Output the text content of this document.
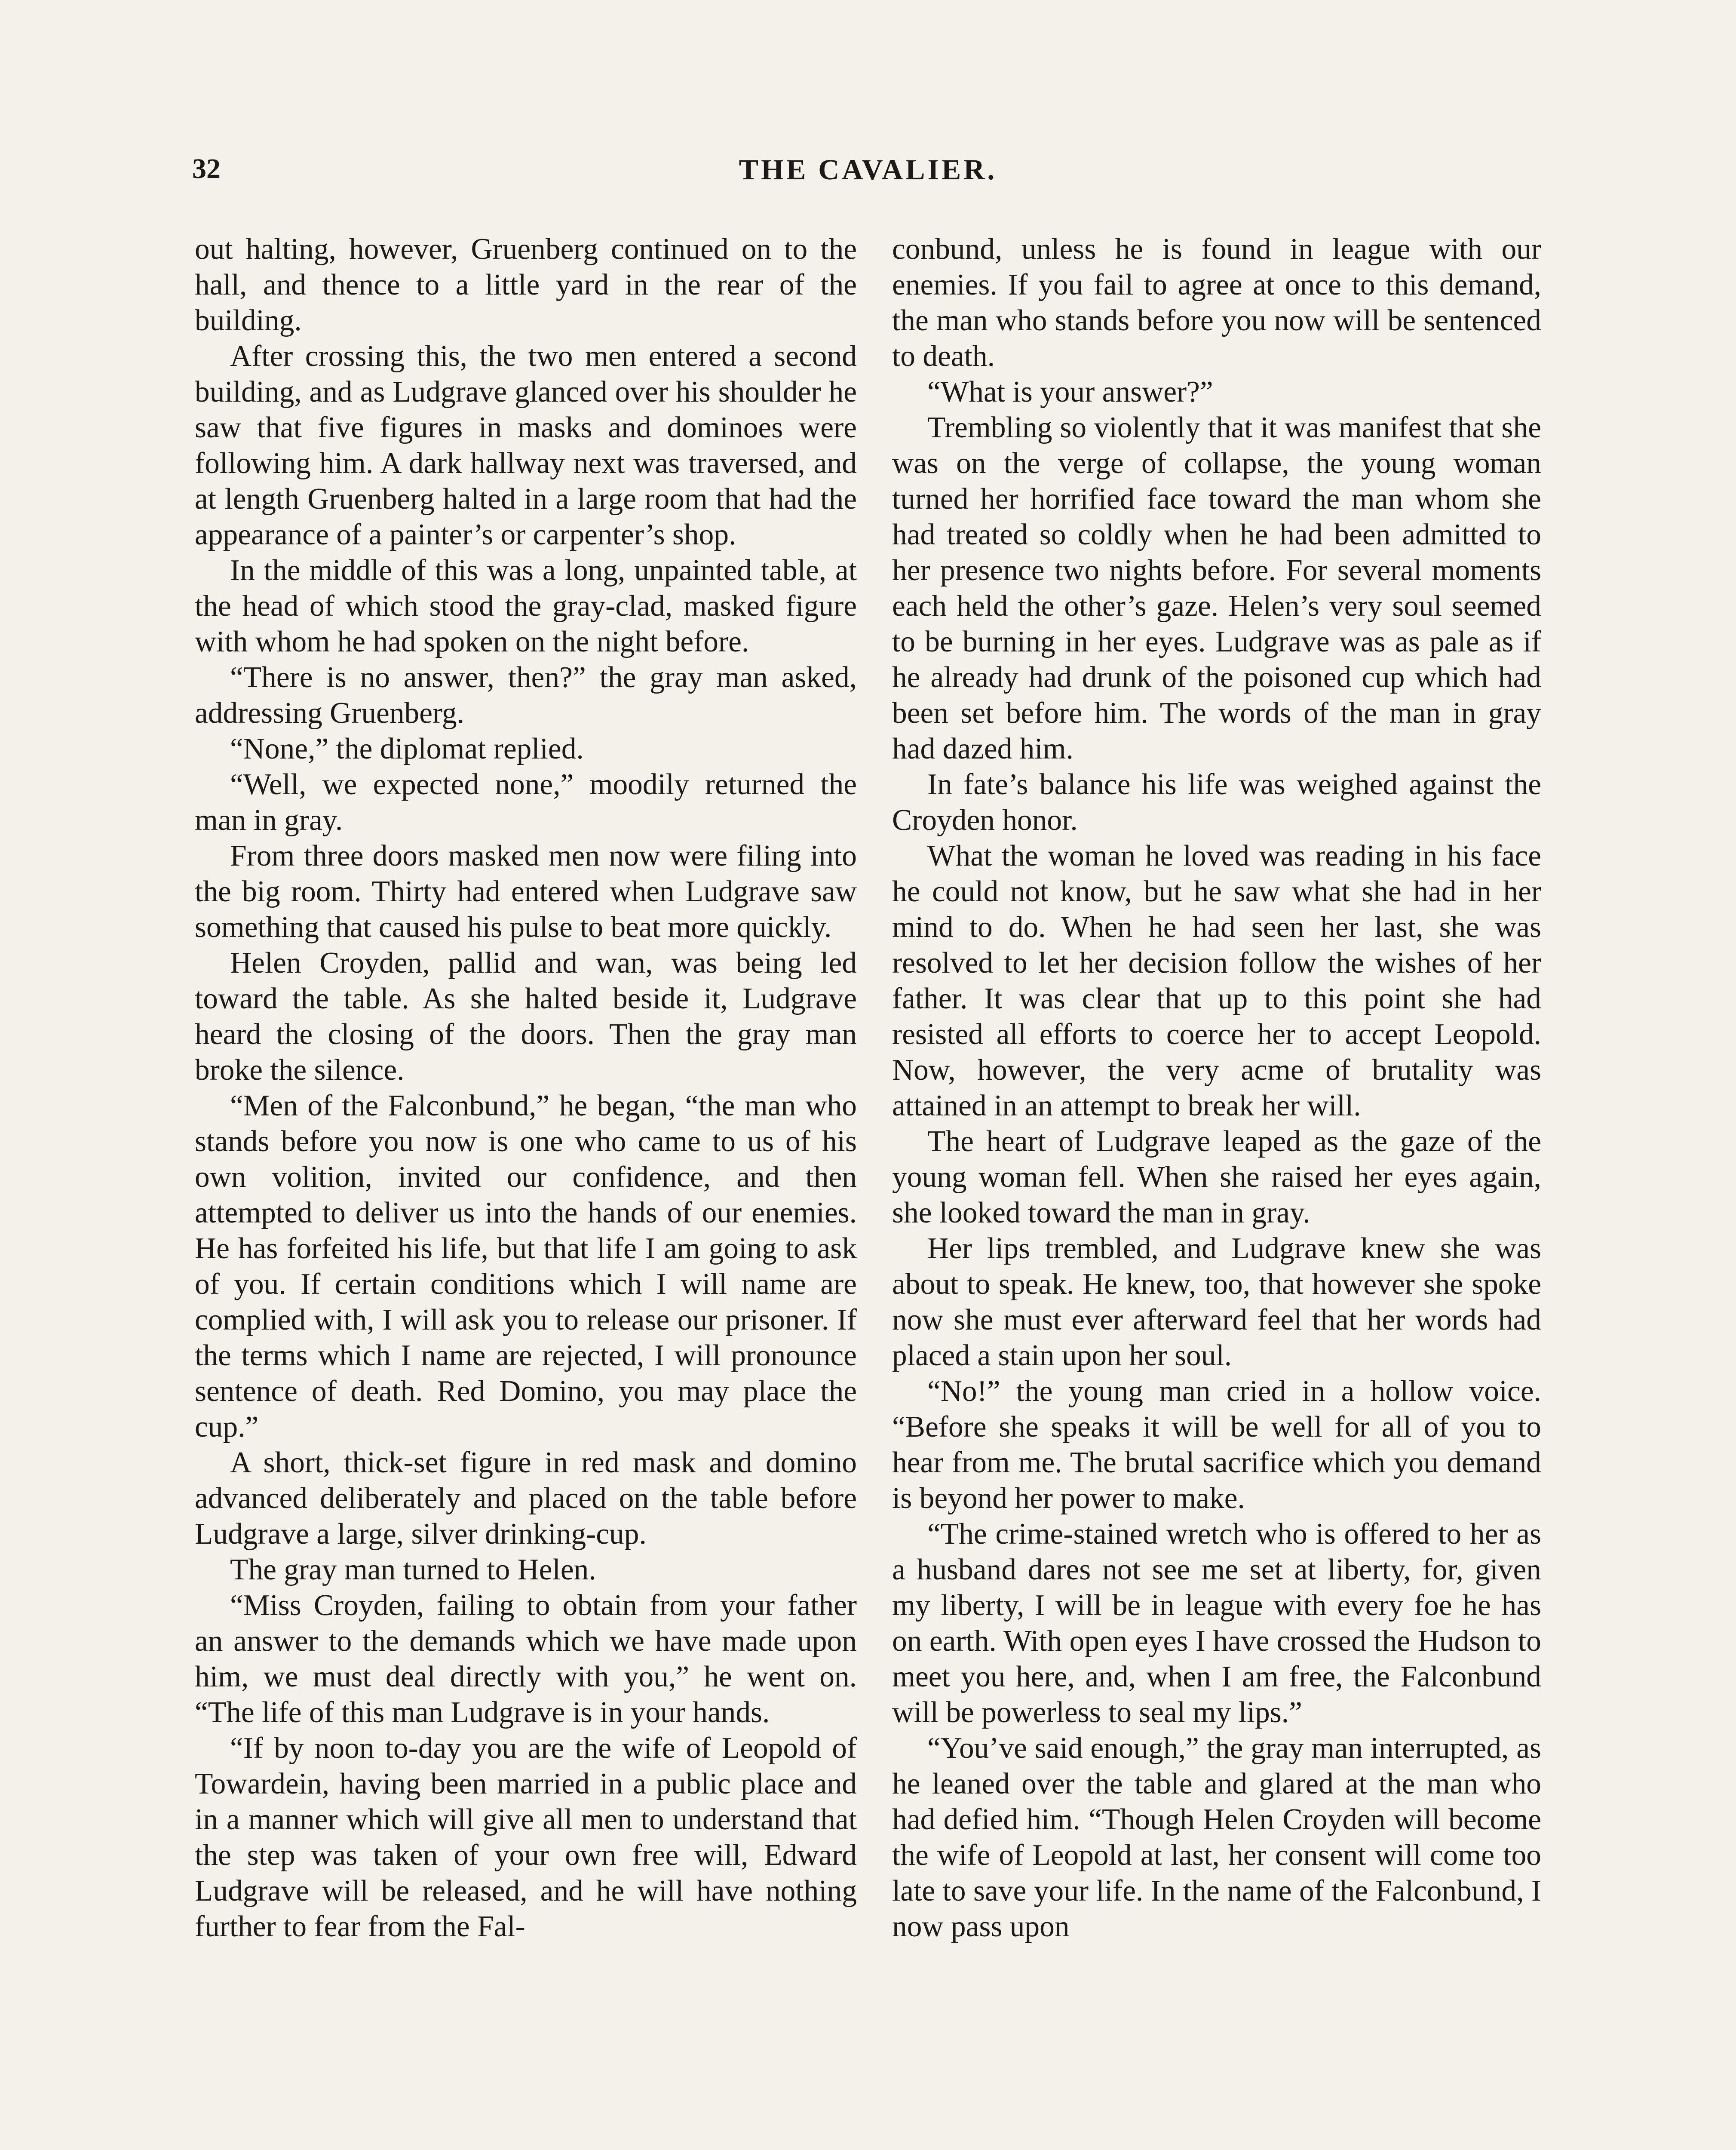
32	THE CAVALIER.

out halting, however, Gruenberg continued on to the hall, and thence to a little yard in the rear of the building.

After crossing this, the two men entered a second building, and as Ludgrave glanced over his shoulder he saw that five figures in masks and dominoes were following him. A dark hallway next was traversed, and at length Gruenberg halted in a large room that had the appearance of a painter’s or carpenter’s shop.

In the middle of this was a long, unpainted table, at the head of which stood the gray-clad, masked figure with whom he had spoken on the night before.

“There is no answer, then?” the gray man asked, addressing Gruenberg.

“None,” the diplomat replied.

“Well, we expected none,” moodily returned the man in gray.

From three doors masked men now were filing into the big room. Thirty had entered when Ludgrave saw something that caused his pulse to beat more quickly.

Helen Croyden, pallid and wan, was being led toward the table. As she halted beside it, Ludgrave heard the closing of the doors. Then the gray man broke the silence.

“Men of the Falconbund,” he began, “the man who stands before you now is one who came to us of his own volition, invited our confidence, and then attempted to deliver us into the hands of our enemies. He has forfeited his life, but that life I am going to ask of you. If certain conditions which I will name are complied with, I will ask you to release our prisoner. If the terms which I name are rejected, I will pronounce sentence of death. Red Domino, you may place the cup.”

A short, thick-set figure in red mask and domino advanced deliberately and placed on the table before Ludgrave a large, silver drinking-cup.

The gray man turned to Helen.

“Miss Croyden, failing to obtain from your father an answer to the demands which we have made upon him, we must deal directly with you,” he went on. “The life of this man Ludgrave is in your hands.

“If by noon to-day you are the wife of Leopold of Towardein, having been married in a public place and in a manner which will give all men to understand that the step was taken of your own free will, Edward Ludgrave will be released, and he will have nothing further to fear from the Fal-

conbund, unless he is found in league with our enemies. If you fail to agree at once to this demand, the man who stands before you now will be sentenced to death.

“What is your answer?”

Trembling so violently that it was manifest that she was on the verge of collapse, the young woman turned her horrified face toward the man whom she had treated so coldly when he had been admitted to her presence two nights before. For several moments each held the other’s gaze. Helen’s very soul seemed to be burning in her eyes. Ludgrave was as pale as if he already had drunk of the poisoned cup which had been set before him. The words of the man in gray had dazed him.

In fate’s balance his life was weighed against the Croyden honor.

What the woman he loved was reading in his face he could not know, but he saw what she had in her mind to do. When he had seen her last, she was resolved to let her decision follow the wishes of her father. It was clear that up to this point she had resisted all efforts to coerce her to accept Leopold. Now, however, the very acme of brutality was attained in an attempt to break her will.

The heart of Ludgrave leaped as the gaze of the young woman fell. When she raised her eyes again, she looked toward the man in gray.

Her lips trembled, and Ludgrave knew she was about to speak. He knew, too, that however she spoke now she must ever afterward feel that her words had placed a stain upon her soul.

“No!” the young man cried in a hollow voice. “Before she speaks it will be well for all of you to hear from me. The brutal sacrifice which you demand is beyond her power to make.

“The crime-stained wretch who is offered to her as a husband dares not see me set at liberty, for, given my liberty, I will be in league with every foe he has on earth. With open eyes I have crossed the Hudson to meet you here, and, when I am free, the Falconbund will be powerless to seal my lips.”

“You’ve said enough,” the gray man interrupted, as he leaned over the table and glared at the man who had defied him. “Though Helen Croyden will become the wife of Leopold at last, her consent will come too late to save your life. In the name of the Falconbund, I now pass upon
